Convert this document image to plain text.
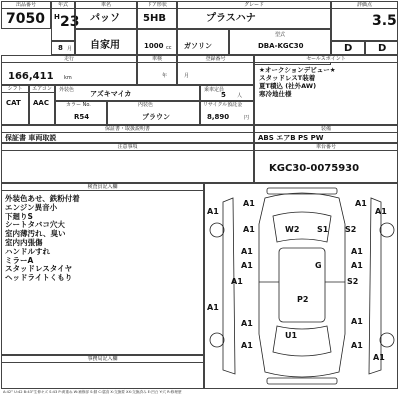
出品番号
7050
年式
H 23
車名
パッソ
ドア形状
5HB
グレード
プラスハナ
評価点
3.5
8 月 自家用	1000 cc ガソリン
型式
DBA-KGC30	D	D
走行
166,411 km
車検
年
登録番号
月
セールスポイント
★オークションデビュー★
スタッドレスT装着
夏T積込 (社外AW)
寒冷地仕様
シフト
CAT
エアコン
AAC
外装色 アズキマイカ	乗車定員
5 人
カラー No.
R54
内装色
ブラウン
リサイクル預託金
8,890	円
保証書・取扱説明書
保証書 車両取説
装備
ABS エアB PS PW
注意事項	車台番号
KGC30-0075930
検査員記入欄
外装色あせ、鉄粉付着
エンジン異音小
下廻りS
シートタバコ穴大
室内薄汚れ、臭い
室内内張傷
ハンドルすれ
ミラーA
スタッドレスタイヤ
ヘッドライトくもり
A1	A1
A1	A1
A1	W2 S1 S2
A1	A1
A1	G	A1
S2
P2
A1
A1
A1
U1
A1
A1	A1
A1
事務局記入欄
A:42° U:42 B:43°生伸キズ S:43 P:黄重ね W:補修部 S:錆 C:腐食 X:交換要 XX:交換済み E:凹凸 Y:穴 R:修理歴
